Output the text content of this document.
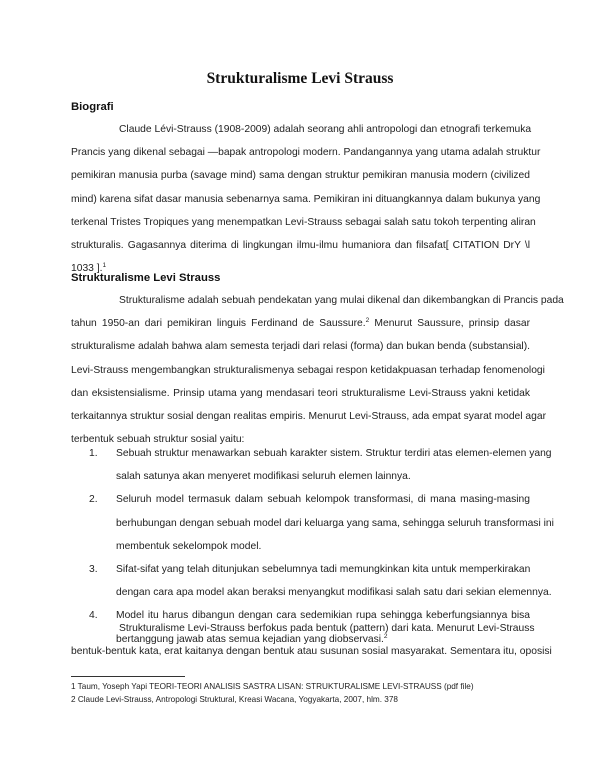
Strukturalisme Levi Strauss
Biografi
Claude Lévi-Strauss (1908-2009) adalah seorang ahli antropologi dan etnografi terkemuka
Prancis yang dikenal sebagai —bapak antropologi modern. Pandangannya yang utama adalah struktur
pemikiran manusia purba (savage mind) sama dengan struktur pemikiran manusia modern (civilized
mind) karena sifat dasar manusia sebenarnya sama. Pemikiran ini dituangkannya dalam bukunya yang
terkenal Tristes Tropiques yang menempatkan Levi-Strauss sebagai salah satu tokoh terpenting aliran
strukturalis. Gagasannya diterima di lingkungan ilmu-ilmu humaniora dan filsafat[ CITATION DrY \l
1033 ].$^1$
Strukturalisme Levi Strauss
Strukturalisme adalah sebuah pendekatan yang mulai dikenal dan dikembangkan di Prancis pada
tahun 1950-an dari pemikiran linguis Ferdinand de Saussure.$^2$ Menurut Saussure, prinsip dasar
strukturalisme adalah bahwa alam semesta terjadi dari relasi (forma) dan bukan benda (substansial).
Levi-Strauss mengembangkan strukturalismenya sebagai respon ketidakpuasan terhadap fenomenologi
dan eksistensialisme. Prinsip utama yang mendasari teori strukturalisme Levi-Strauss yakni ketidak
terkaitannya struktur sosial dengan realitas empiris. Menurut Levi-Strauss, ada empat syarat model agar
terbentuk sebuah struktur sosial yaitu:
1. Sebuah struktur menawarkan sebuah karakter sistem. Struktur terdiri atas elemen-elemen yang
salah satunya akan menyeret modifikasi seluruh elemen lainnya.
2. Seluruh model termasuk dalam sebuah kelompok transformasi, di mana masing-masing
berhubungan dengan sebuah model dari keluarga yang sama, sehingga seluruh transformasi ini
membentuk sekelompok model.
3. Sifat-sifat yang telah ditunjukan sebelumnya tadi memungkinkan kita untuk memperkirakan
dengan cara apa model akan beraksi menyangkut modifikasi salah satu dari sekian elemennya.
4. Model itu harus dibangun dengan cara sedemikian rupa sehingga keberfungsiannya bisa
bertanggung jawab atas semua kejadian yang diobservasi.$^2$
Strukturalisme Levi-Strauss berfokus pada bentuk (pattern) dari kata. Menurut Levi-Strauss
bentuk-bentuk kata, erat kaitanya dengan bentuk atau susunan sosial masyarakat. Sementara itu, oposisi
1 Taum, Yoseph Yapi TEORI-TEORI ANALISIS SASTRA LISAN: STRUKTURALISME LEVI-STRAUSS (pdf file)
2 Claude Levi-Strauss, Antropologi Struktural, Kreasi Wacana, Yogyakarta, 2007, hlm. 378
